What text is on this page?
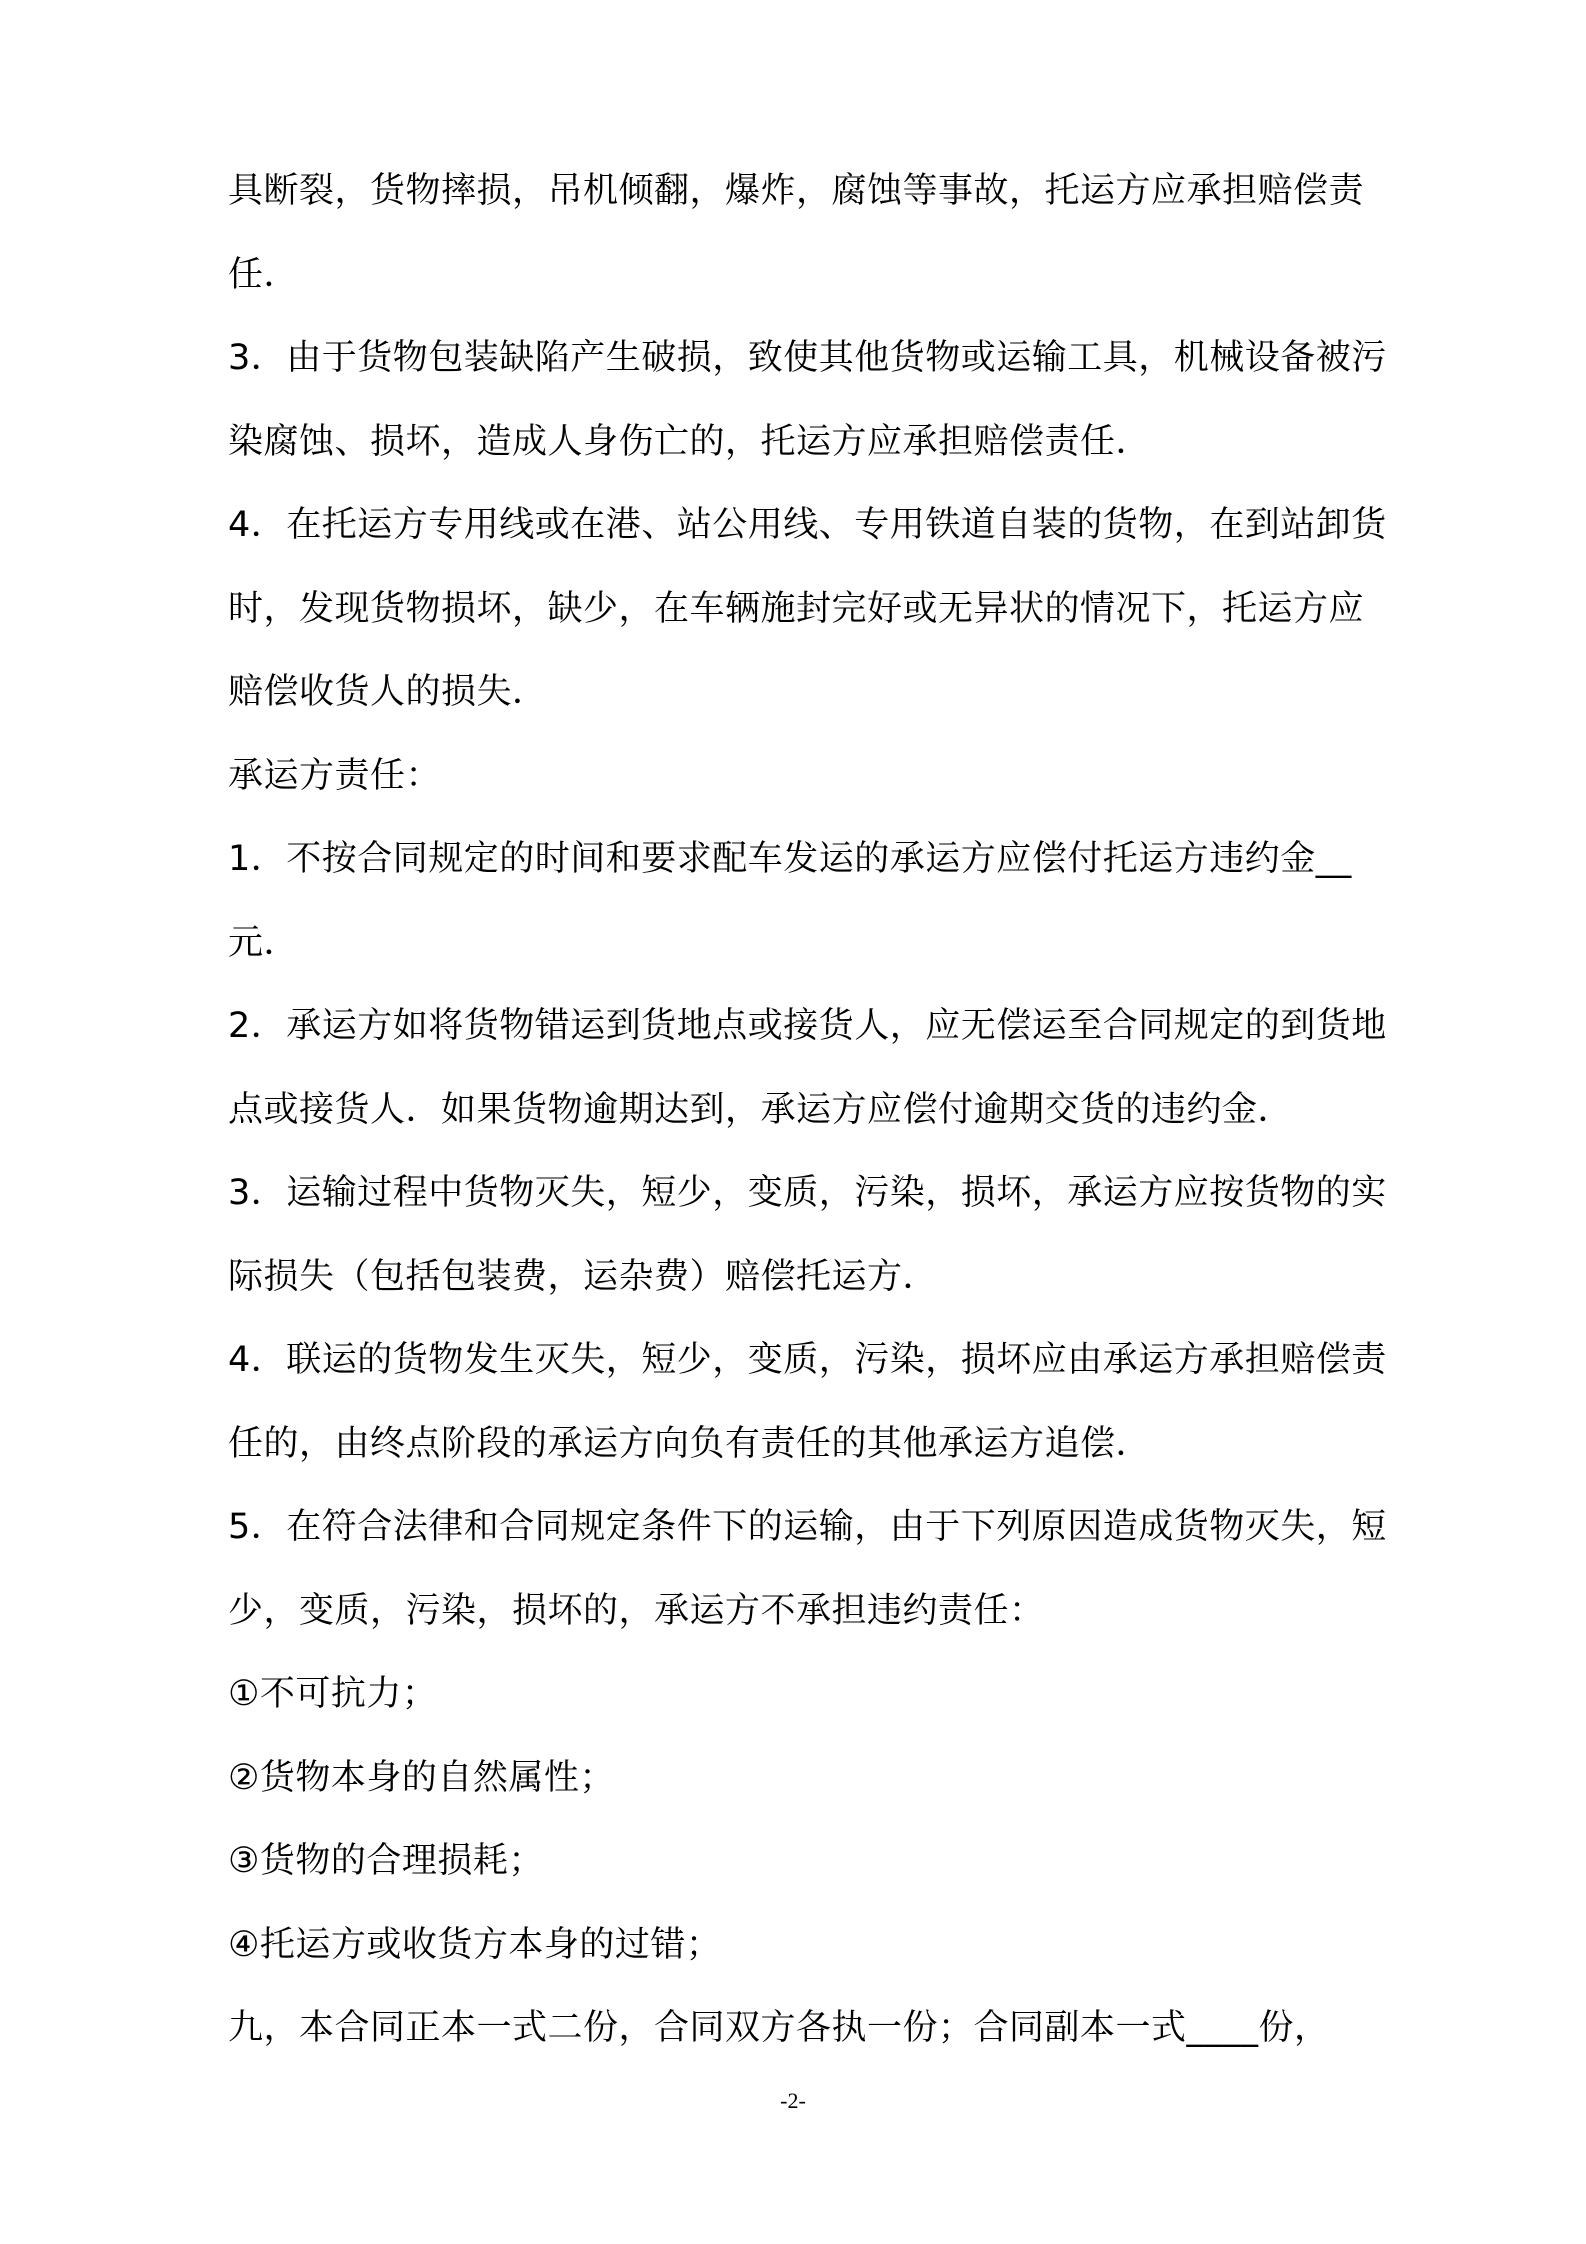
具断裂，货物摔损，吊机倾翻，爆炸，腐蚀等事故，托运方应承担赔偿责
任．
3．由于货物包装缺陷产生破损，致使其他货物或运输工具，机械设备被污
染腐蚀、损坏，造成人身伤亡的，托运方应承担赔偿责任．
4．在托运方专用线或在港、站公用线、专用铁道自装的货物，在到站卸货
时，发现货物损坏，缺少，在车辆施封完好或无异状的情况下，托运方应
赔偿收货人的损失．
承运方责任：
1．不按合同规定的时间和要求配车发运的承运方应偿付托运方违约金__
元．
2．承运方如将货物错运到货地点或接货人，应无偿运至合同规定的到货地
点或接货人．如果货物逾期达到，承运方应偿付逾期交货的违约金．
3．运输过程中货物灭失，短少，变质，污染，损坏，承运方应按货物的实
际损失（包括包装费，运杂费）赔偿托运方．
4．联运的货物发生灭失，短少，变质，污染，损坏应由承运方承担赔偿责
任的，由终点阶段的承运方向负有责任的其他承运方追偿．
5．在符合法律和合同规定条件下的运输，由于下列原因造成货物灭失，短
少，变质，污染，损坏的，承运方不承担违约责任：
①不可抗力；
②货物本身的自然属性；
③货物的合理损耗；
④托运方或收货方本身的过错；
九，本合同正本一式二份，合同双方各执一份；合同副本一式____份，
-2-
